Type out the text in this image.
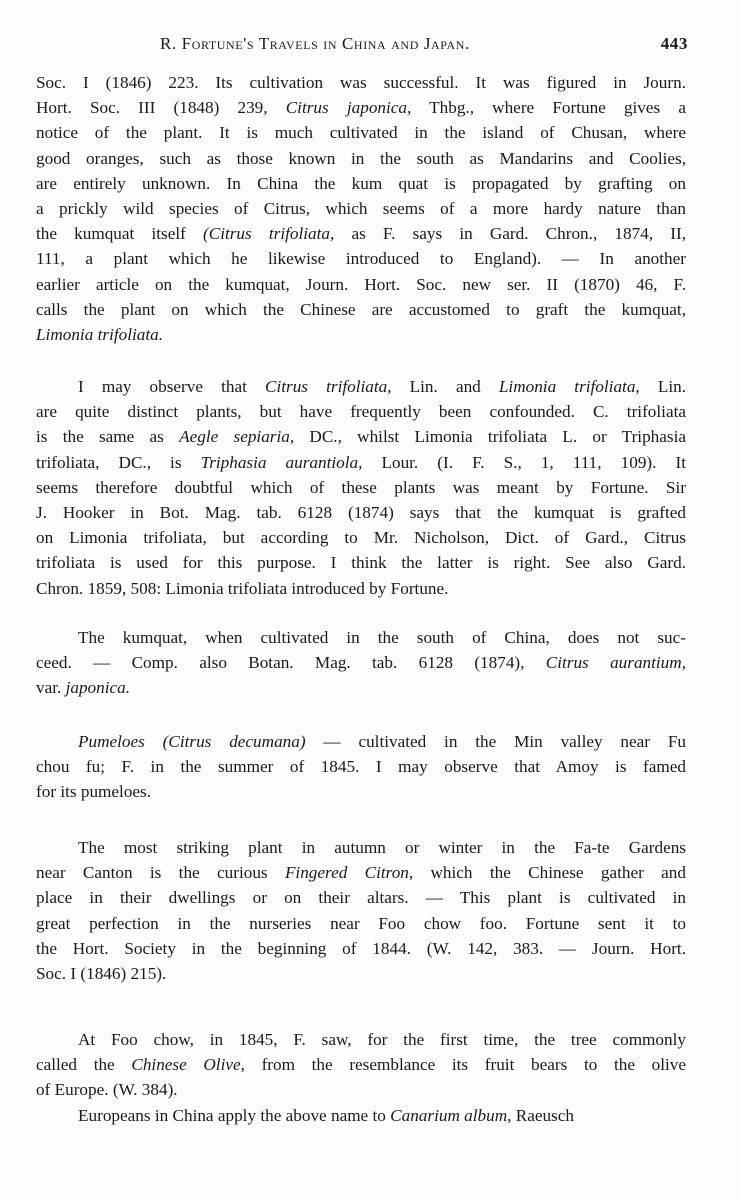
R. Fortune's Travels in China and Japan.	443
Soc. I (1846) 223. Its cultivation was successful. It was figured in Journ.
Hort. Soc. III (1848) 239, Citrus japonica, Thbg., where Fortune gives a
notice of the plant. It is much cultivated in the island of Chusan, where
good oranges, such as those known in the south as Mandarins and Coolies,
are entirely unknown. In China the kum quat is propagated by grafting on
a prickly wild species of Citrus, which seems of a more hardy nature than
the kumquat itself (Citrus trifoliata, as F. says in Gard. Chron., 1874, II,
111, a plant which he likewise introduced to England). — In another
earlier article on the kumquat, Journ. Hort. Soc. new ser. II (1870) 46, F.
calls the plant on which the Chinese are accustomed to graft the kumquat,
Limonia trifoliata.
I may observe that Citrus trifoliata, Lin. and Limonia trifoliata, Lin.
are quite distinct plants, but have frequently been confounded. C. trifoliata
is the same as Aegle sepiaria, DC., whilst Limonia trifoliata L. or Triphasia
trifoliata, DC., is Triphasia aurantiola, Lour. (I. F. S., 1, 111, 109). It
seems therefore doubtful which of these plants was meant by Fortune. Sir
J. Hooker in Bot. Mag. tab. 6128 (1874) says that the kumquat is grafted
on Limonia trifoliata, but according to Mr. Nicholson, Dict. of Gard., Citrus
trifoliata is used for this purpose. I think the latter is right. See also Gard.
Chron. 1859, 508: Limonia trifoliata introduced by Fortune.
The kumquat, when cultivated in the south of China, does not suc-
ceed. — Comp. also Botan. Mag. tab. 6128 (1874), Citrus aurantium,
var. japonica.
Pumeloes (Citrus decumana) — cultivated in the Min valley near Fu
chou fu; F. in the summer of 1845. I may observe that Amoy is famed
for its pumeloes.
The most striking plant in autumn or winter in the Fa-te Gardens
near Canton is the curious Fingered Citron, which the Chinese gather and
place in their dwellings or on their altars. — This plant is cultivated in
great perfection in the nurseries near Foo chow foo. Fortune sent it to
the Hort. Society in the beginning of 1844. (W. 142, 383. — Journ. Hort.
Soc. I (1846) 215).
At Foo chow, in 1845, F. saw, for the first time, the tree commonly
called the Chinese Olive, from the resemblance its fruit bears to the olive
of Europe. (W. 384).
Europeans in China apply the above name to Canarium album, Raeusch
